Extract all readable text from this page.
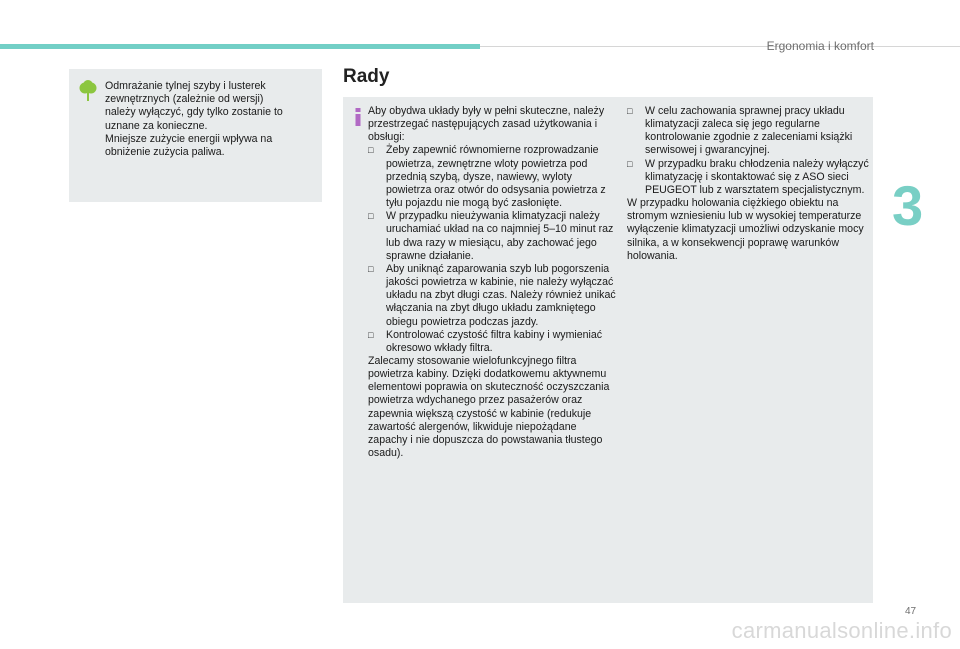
Ergonomia i komfort
3
Odmrażanie tylnej szyby i lusterek
zewnętrznych (zależnie od wersji)
należy wyłączyć, gdy tylko zostanie to
uznane za konieczne.
Mniejsze zużycie energii wpływa na
obniżenie zużycia paliwa.
Rady
Aby obydwa układy były w pełni skuteczne, należy przestrzegać następujących zasad użytkowania i obsługi:
□ Żeby zapewnić równomierne rozprowadzanie powietrza, zewnętrzne wloty powietrza pod przednią szybą, dysze, nawiewy, wyloty powietrza oraz otwór do odsysania powietrza z tyłu pojazdu nie mogą być zasłonięte.
□ W przypadku nieużywania klimatyzacji należy uruchamiać układ na co najmniej 5–10 minut raz lub dwa razy w miesiącu, aby zachować jego sprawne działanie.
□ Aby uniknąć zaparowania szyb lub pogorszenia jakości powietrza w kabinie, nie należy wyłączać układu na zbyt długi czas. Należy również unikać włączania na zbyt długo układu zamkniętego obiegu powietrza podczas jazdy.
□ Kontrolować czystość filtra kabiny i wymieniać okresowo wkłady filtra.
Zalecamy stosowanie wielofunkcyjnego filtra powietrza kabiny. Dzięki dodatkowemu aktywnemu elementowi poprawia on skuteczność oczyszczania powietrza wdychanego przez pasażerów oraz zapewnia większą czystość w kabinie (redukuje zawartość alergenów, likwiduje niepożądane zapachy i nie dopuszcza do powstawania tłustego osadu).
□ W celu zachowania sprawnej pracy układu klimatyzacji zaleca się jego regularne kontrolowanie zgodnie z zaleceniami książki serwisowej i gwarancyjnej.
□ W przypadku braku chłodzenia należy wyłączyć klimatyzację i skontaktować się z ASO sieci PEUGEOT lub z warsztatem specjalistycznym.
W przypadku holowania ciężkiego obiektu na stromym wzniesieniu lub w wysokiej temperaturze wyłączenie klimatyzacji umożliwi odzyskanie mocy silnika, a w konsekwencji poprawę warunków holowania.
47
carmanualsonline.info
